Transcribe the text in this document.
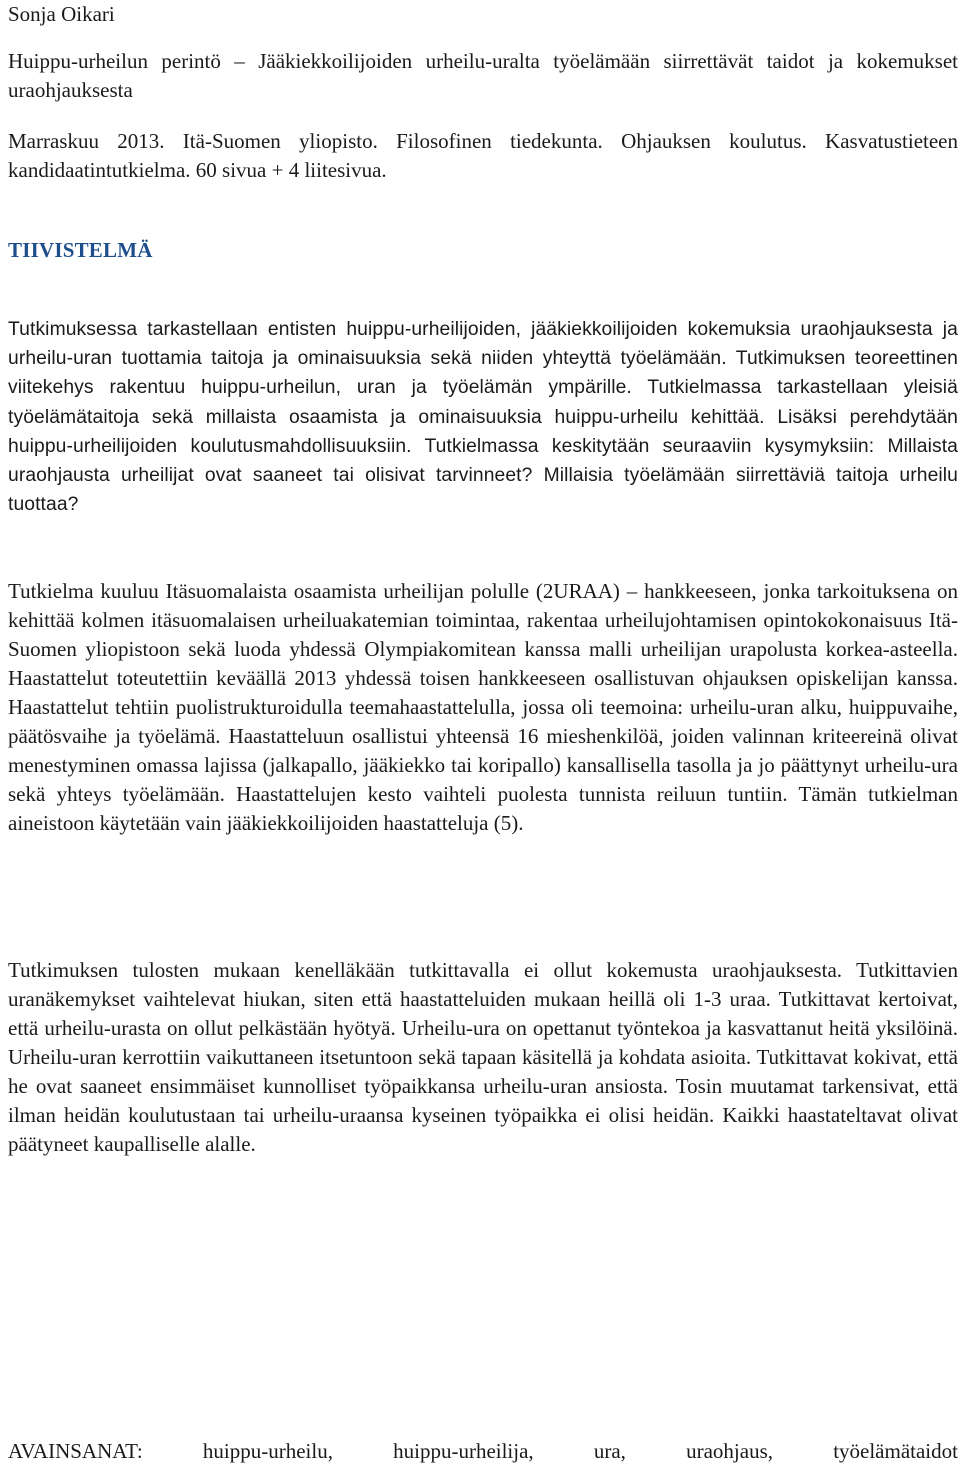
Sonja Oikari

Huippu-urheilun perintö – Jääkiekkoilijoiden urheilu-uralta työelämään siirrettävät taidot ja kokemukset uraohjauksesta

Marraskuu 2013. Itä-Suomen yliopisto. Filosofinen tiedekunta. Ohjauksen koulutus. Kasvatustieteen kandidaatintutkielma. 60 sivua + 4 liitesivua.

TIIVISTELMÄ

Tutkimuksessa tarkastellaan entisten huippu-urheilijoiden, jääkiekkoilijoiden kokemuksia uraohjauksesta ja urheilu-uran tuottamia taitoja ja ominaisuuksia sekä niiden yhteyttä työelämään. Tutkimuksen teoreettinen viitekehys rakentuu huippu-urheilun, uran ja työelämän ympärille. Tutkielmassa tarkastellaan yleisiä työelämätaitoja sekä millaista osaamista ja ominaisuuksia huippu-urheilu kehittää. Lisäksi perehdytään huippu-urheilijoiden koulutusmahdollisuuksiin. Tutkielmassa keskitytään seuraaviin kysymyksiin: Millaista uraohjausta urheilijat ovat saaneet tai olisivat tarvinneet? Millaisia työelämään siirrettäviä taitoja urheilu tuottaa?

Tutkielma kuuluu Itäsuomalaista osaamista urheilijan polulle (2URAA) – hankkeeseen, jonka tarkoituksena on kehittää kolmen itäsuomalaisen urheiluakatemian toimintaa, rakentaa urheilujohtamisen opintokokonaisuus Itä-Suomen yliopistoon sekä luoda yhdessä Olympiakomitean kanssa malli urheilijan urapolusta korkea-asteella. Haastattelut toteutettiin keväällä 2013 yhdessä toisen hankkeeseen osallistuvan ohjauksen opiskelijan kanssa. Haastattelut tehtiin puolistrukturoidulla teemahaastattelulla, jossa oli teemoina: urheilu-uran alku, huippuvaihe, päätösvaihe ja työelämä. Haastatteluun osallistui yhteensä 16 mieshenkilöä, joiden valinnan kriteereinä olivat menestyminen omassa lajissa (jalkapallo, jääkiekko tai koripallo) kansallisella tasolla ja jo päättynyt urheilu-ura sekä yhteys työelämään. Haastattelujen kesto vaihteli puolesta tunnista reiluun tuntiin. Tämän tutkielman aineistoon käytetään vain jääkiekkoilijoiden haastatteluja (5).

Tutkimuksen tulosten mukaan kenelläkään tutkittavalla ei ollut kokemusta uraohjauksesta. Tutkittavien uranäkemykset vaihtelevat hiukan, siten että haastatteluiden mukaan heillä oli 1-3 uraa. Tutkittavat kertoivat, että urheilu-urasta on ollut pelkästään hyötyä. Urheilu-ura on opettanut työntekoa ja kasvattanut heitä yksilöinä. Urheilu-uran kerrottiin vaikuttaneen itsetuntoon sekä tapaan käsitellä ja kohdata asioita. Tutkittavat kokivat, että he ovat saaneet ensimmäiset kunnolliset työpaikkansa urheilu-uran ansiosta. Tosin muutamat tarkensivat, että ilman heidän koulutustaan tai urheilu-uraansa kyseinen työpaikka ei olisi heidän. Kaikki haastateltavat olivat päätyneet kaupalliselle alalle.

AVAINSANAT:	huippu-urheilu,	huippu-urheilija,	ura,	uraohjaus,	työelämätaidot
